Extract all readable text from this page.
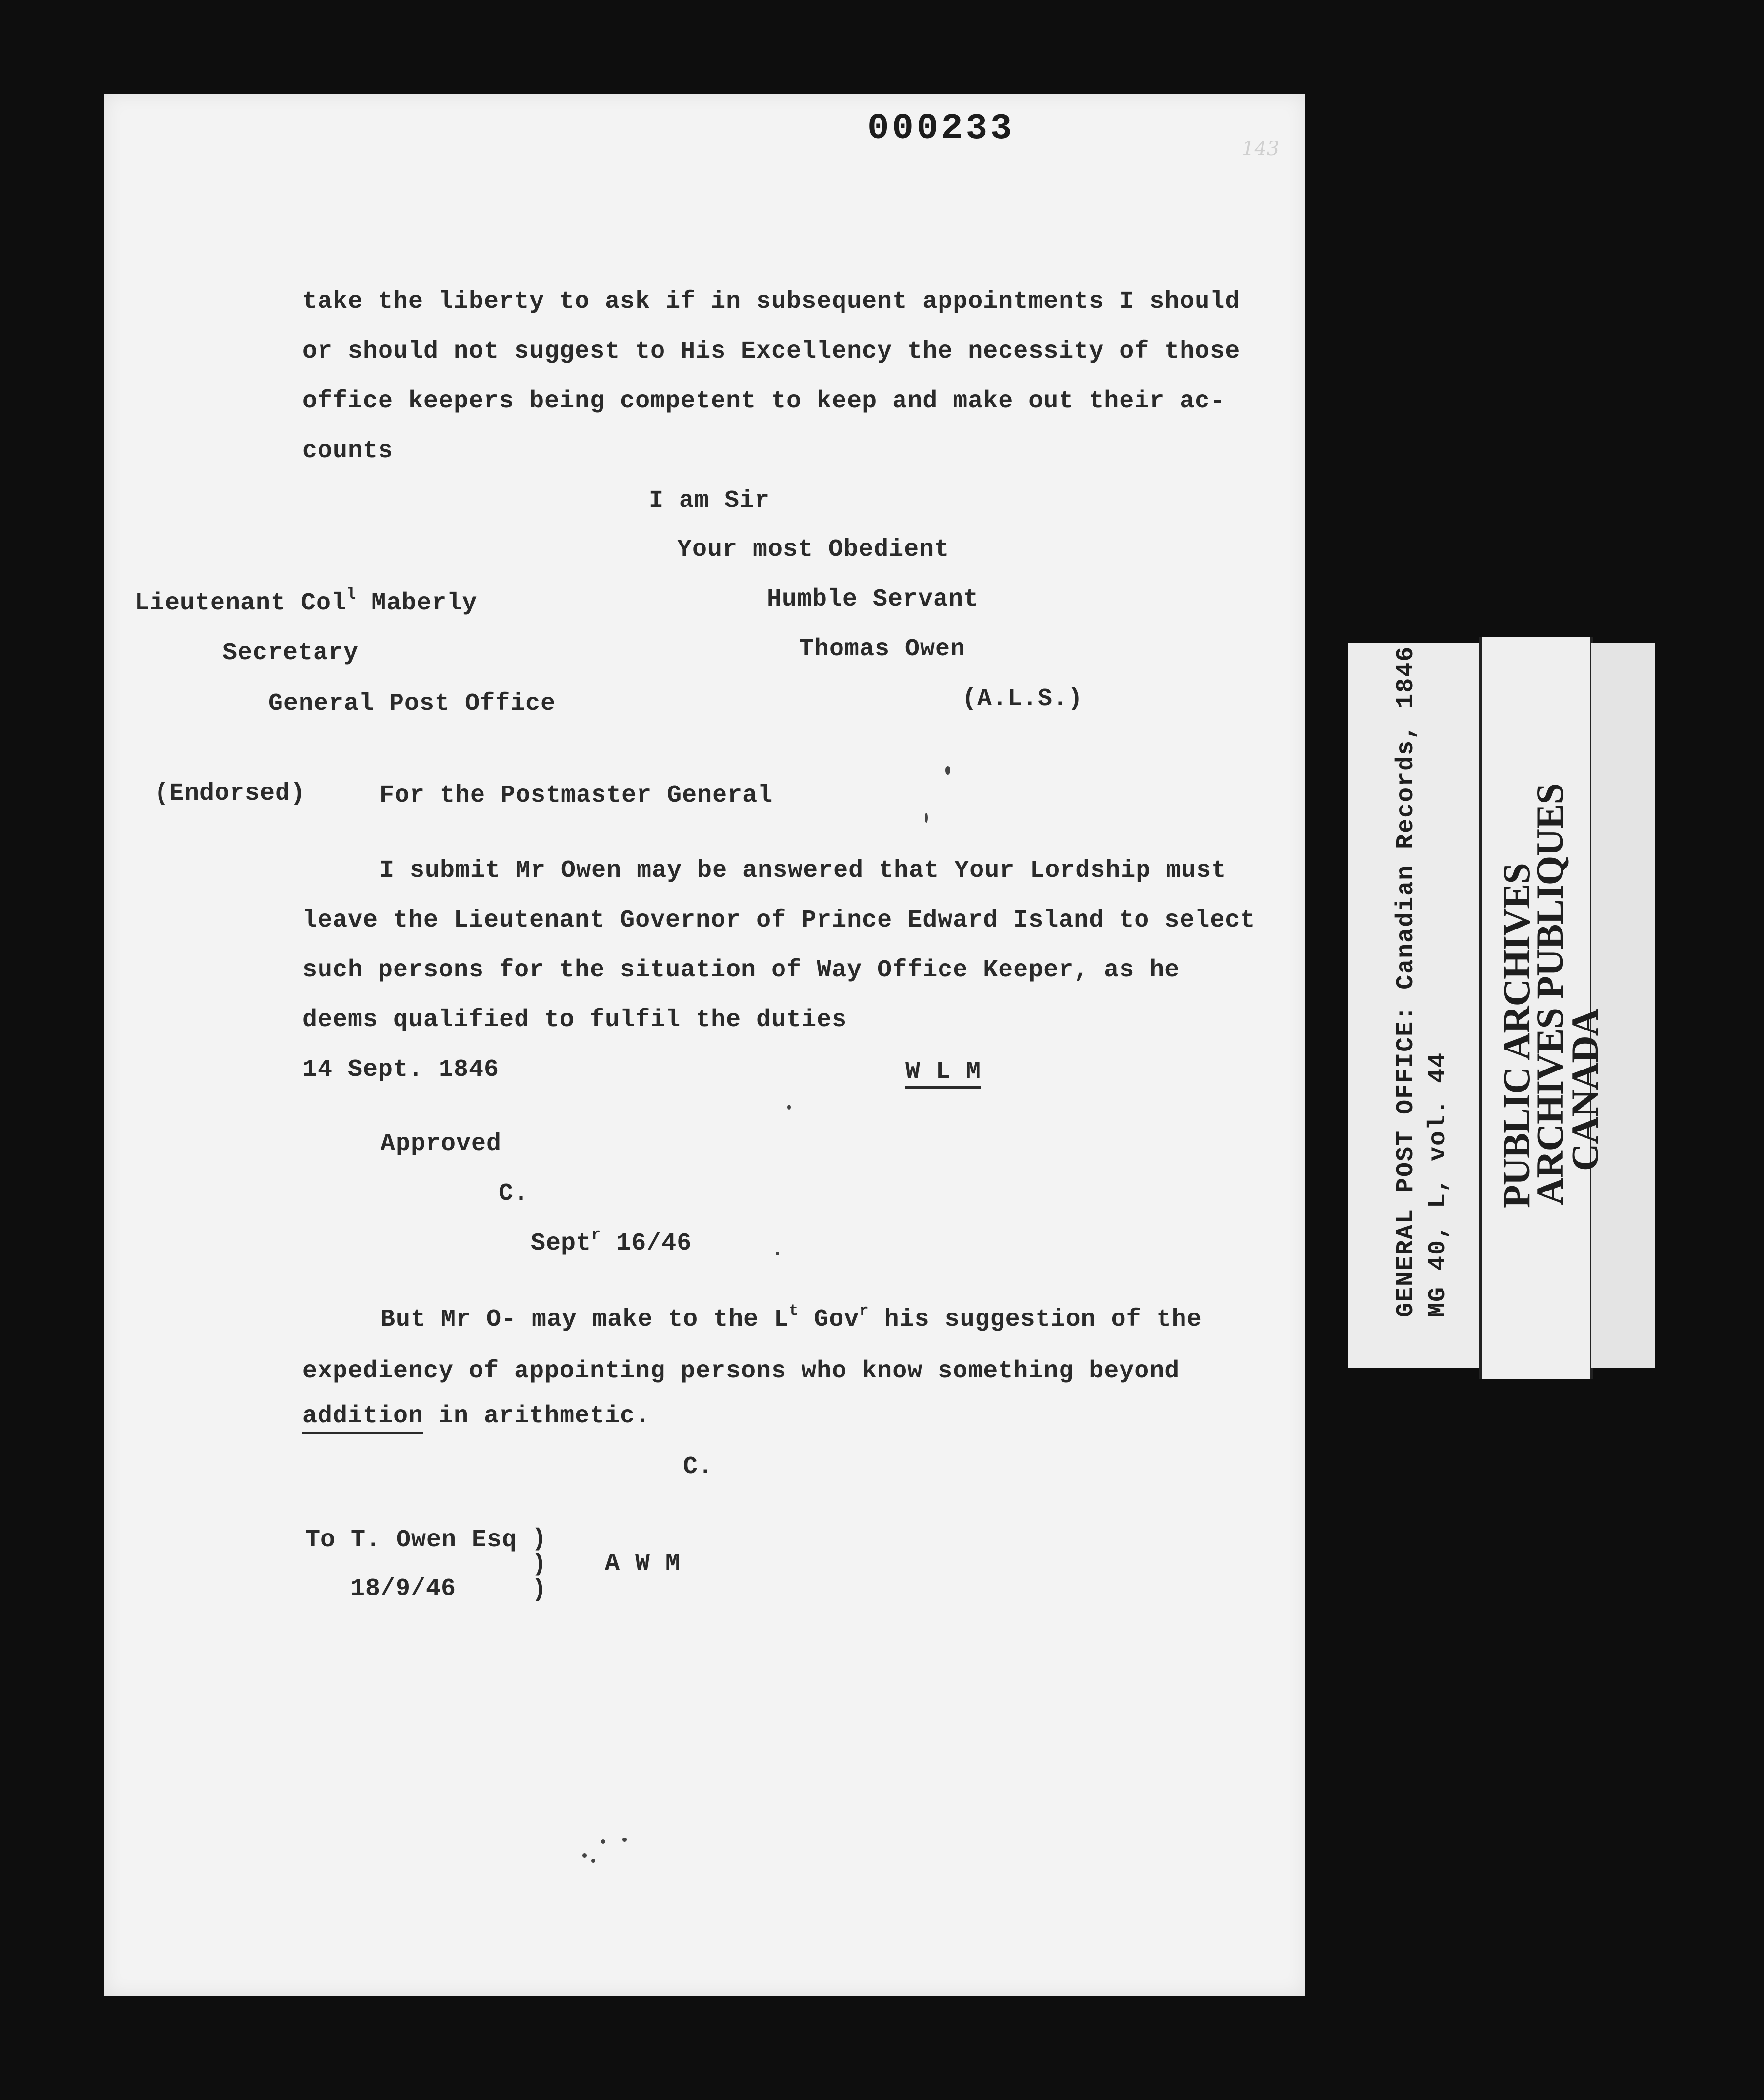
000233	143
take the liberty to ask if in subsequent appointments I should
or should not suggest to His Excellency the necessity of those
office keepers being competent to keep and make out their ac-
counts
I am Sir
Your most Obedient
Humble Servant
Thomas Owen
(A.L.S.)
Lieutenant Col$^l$ Maberly
Secretary
General Post Office
(Endorsed)	For the Postmaster General
I submit Mr Owen may be answered that Your Lordship must
leave the Lieutenant Governor of Prince Edward Island to select
such persons for the situation of Way Office Keeper, as he
deems qualified to fulfil the duties
14 Sept. 1846	W L M
Approved
C.
Sept$^r$ 16/46
But Mr O- may make to the $L^t$ Gov$^r$ his suggestion of the
expediency of appointing persons who know something beyond
addition in arithmetic.
C.
To T. Owen Esq
18/9/46
)
)
)
A W M
GENERAL POST OFFICE: Canadian Records, 1846 MG 40, L, vol. 44 PUBLIC ARCHIVES
ARCHIVES PUBLIQUES
CANADA
